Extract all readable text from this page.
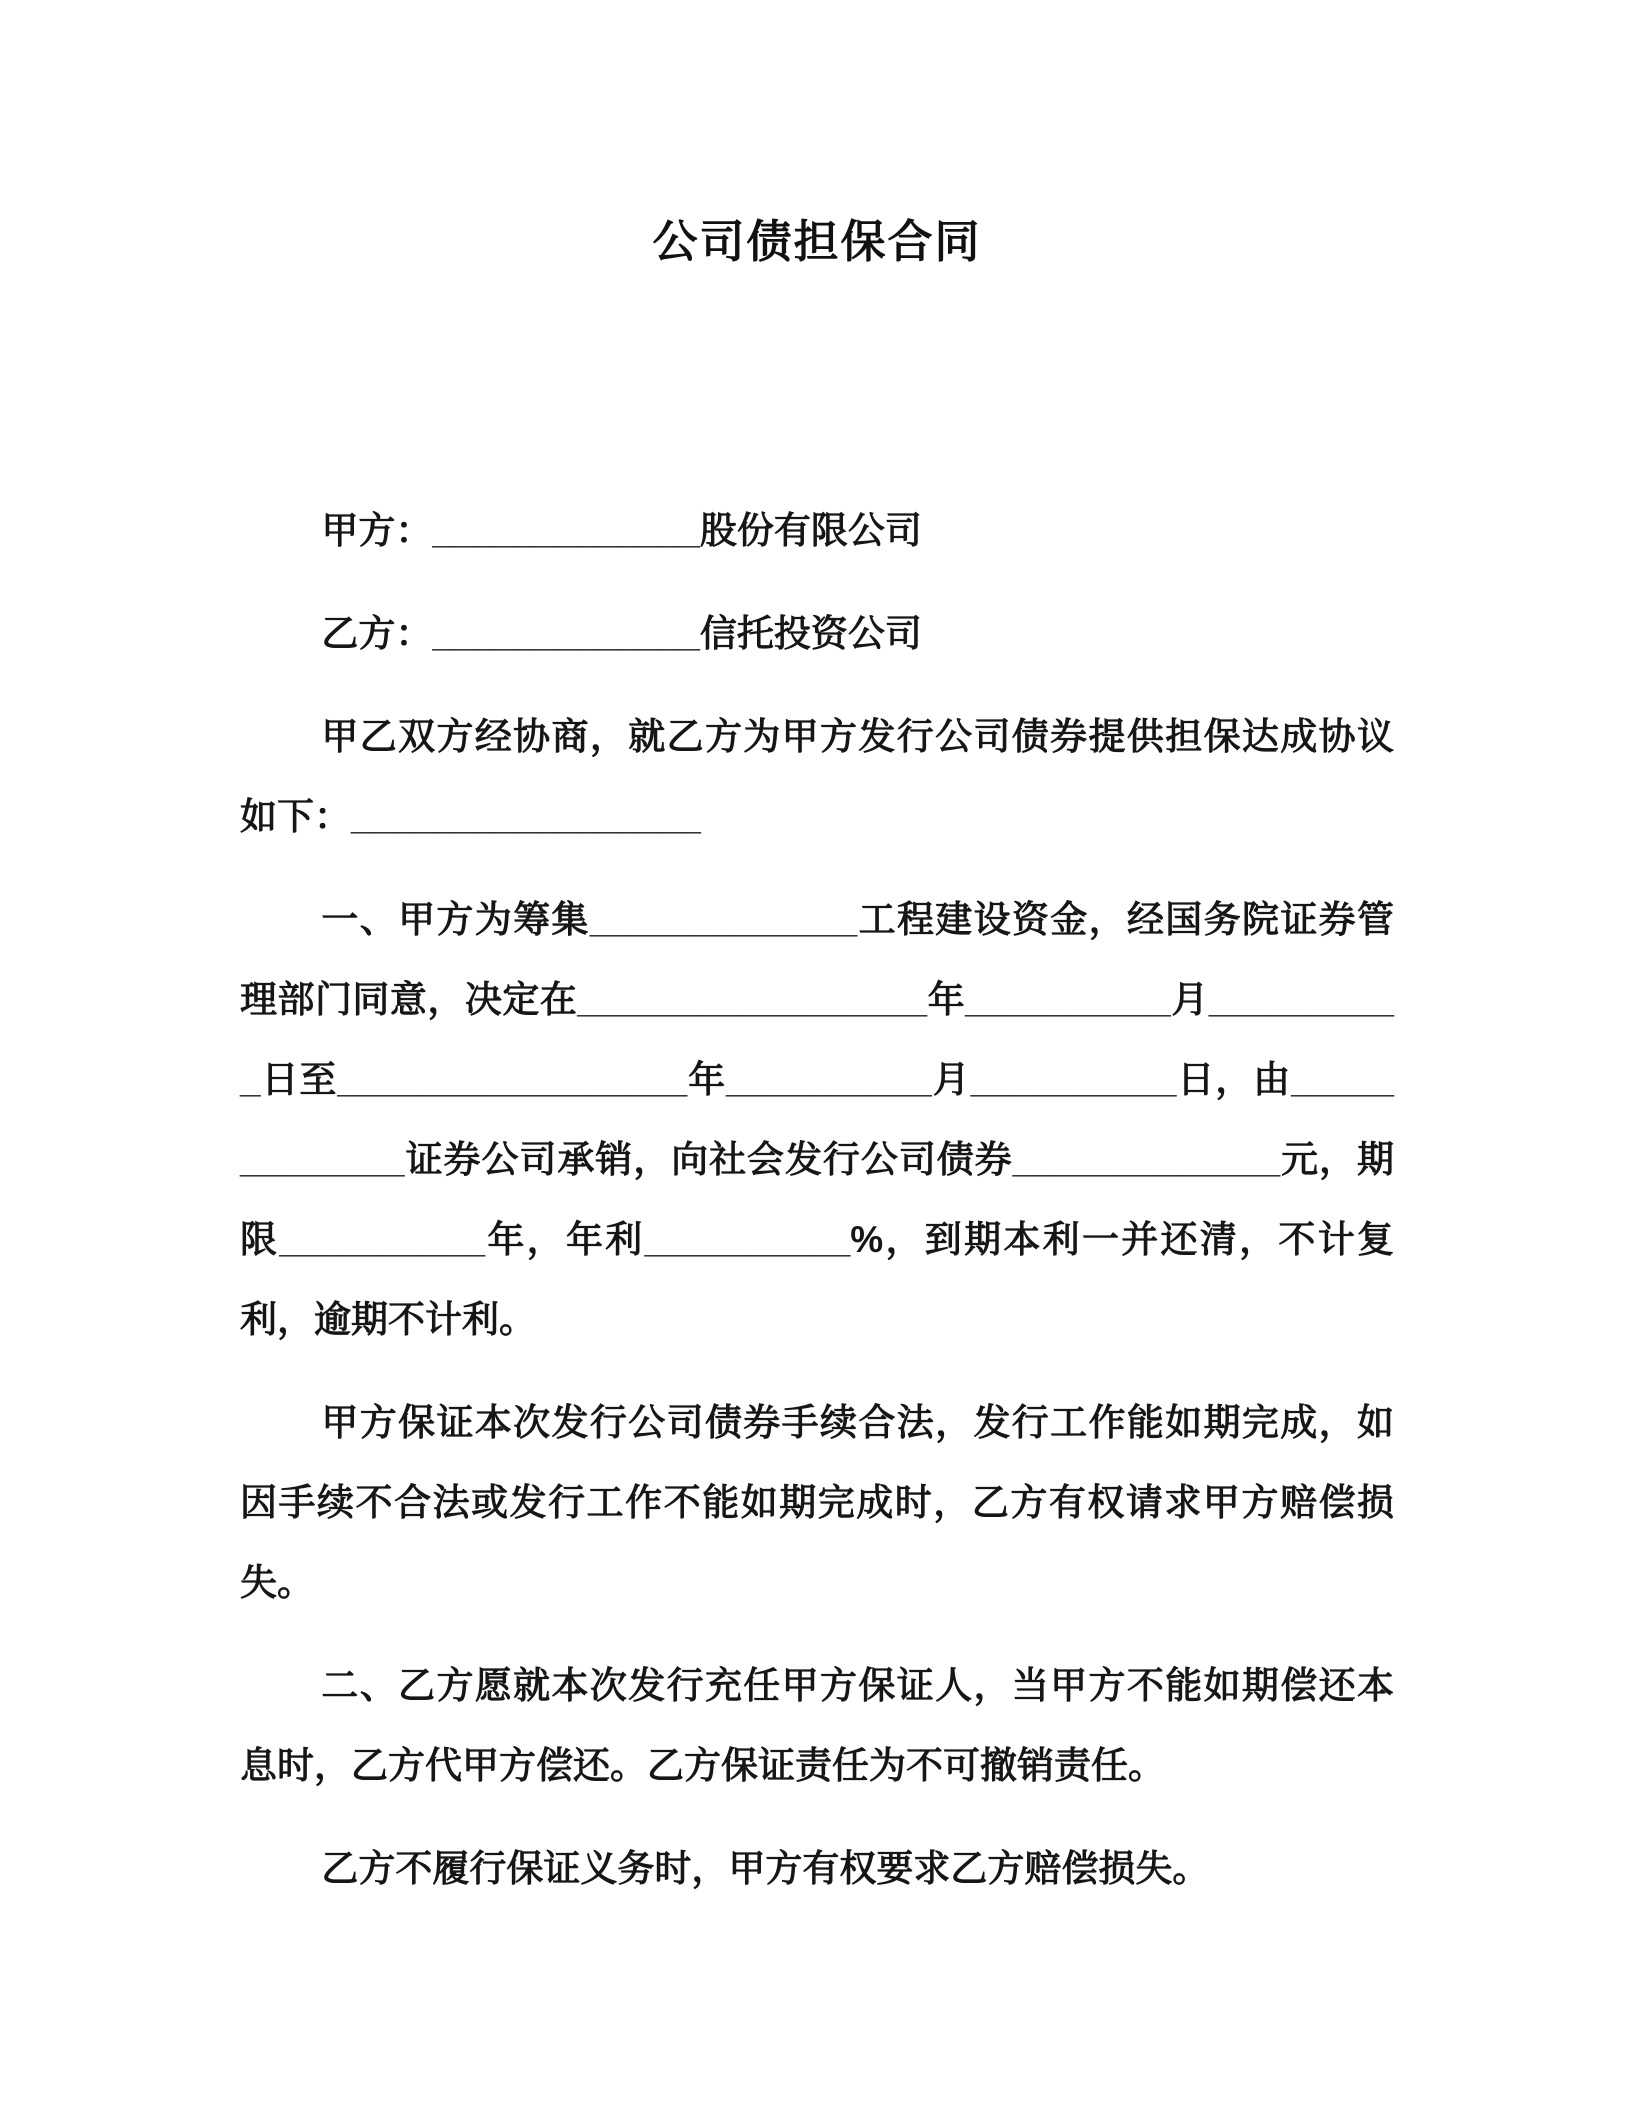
公司债担保合同

甲方：_____________股份有限公司

乙方：_____________信托投资公司

甲乙双方经协商，就乙方为甲方发行公司债券提供担保达成协议如下：_________________

一、甲方为筹集_____________工程建设资金，经国务院证券管理部门同意，决定在_________________年__________月__________日至_________________年__________月__________日，由_____________证券公司承销，向社会发行公司债券_____________元，期限__________年，年利__________%，到期本利一并还清，不计复利，逾期不计利。

甲方保证本次发行公司债券手续合法，发行工作能如期完成，如因手续不合法或发行工作不能如期完成时，乙方有权请求甲方赔偿损失。

二、乙方愿就本次发行充任甲方保证人，当甲方不能如期偿还本息时，乙方代甲方偿还。乙方保证责任为不可撤销责任。

乙方不履行保证义务时，甲方有权要求乙方赔偿损失。
